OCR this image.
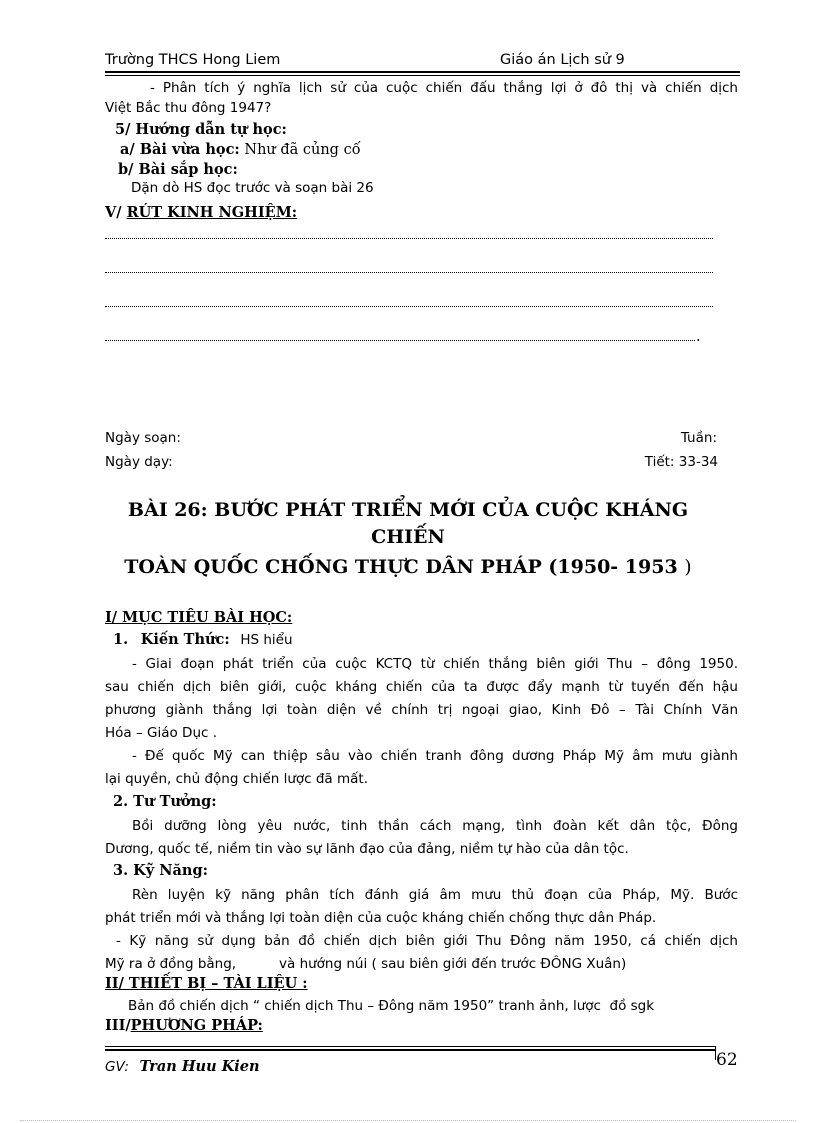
Trường THCS Hong Liem	Giáo án Lịch sử 9
- Phân tích ý nghĩa lịch sử của cuộc chiến đấu thắng lợi ở đô thị và chiến dịch
Việt Bắc thu đông 1947?
5/ Hướng dẫn tự học:
a/ Bài vừa học: Như đã củng cố
b/ Bài sắp học:
Dặn dò HS đọc trước và soạn bài 26
V/ RÚT KINH NGHIỆM:
.
Ngày soạn:	Tuần:
Ngày dạy:	Tiết: 33-34
BÀI 26: BƯỚC PHÁT TRIỂN MỚI CỦA CUỘC KHÁNG
CHIẾN
TOÀN QUỐC CHỐNG THỰC DÂN PHÁP (1950- 1953 )
I/ MỤC TIÊU BÀI HỌC:
1. Kiến Thức: HS hiểu
- Giai đoạn phát triển của cuộc KCTQ từ chiến thắng biên giới Thu – đông 1950.
sau chiến dịch biên giới, cuộc kháng chiến của ta được đẩy mạnh từ tuyến đến hậu
phương giành thắng lợi toàn diện về chính trị ngoại giao, Kinh Đô – Tài Chính Văn
Hóa – Giáo Dục .
- Đế quốc Mỹ can thiệp sâu vào chiến tranh đông dương Pháp Mỹ âm mưu giành
lại quyền, chủ động chiến lược đã mất.
2. Tư Tưởng:
Bồi dưỡng lòng yêu nước, tinh thần cách mạng, tình đoàn kết dân tộc, Đông
Dương, quốc tế, niềm tin vào sự lãnh đạo của đảng, niềm tự hào của dân tộc.
3. Kỹ Năng:
Rèn luyện kỹ năng phân tích đánh giá âm mưu thủ đoạn của Pháp, Mỹ. Bước
phát triển mới và thắng lợi toàn diện của cuộc kháng chiến chống thực dân Pháp.
- Kỹ năng sử dụng bản đồ chiến dịch biên giới Thu Đông năm 1950, cá chiến dịch
Mỹ ra ở đồng bằng,          và hướng núi ( sau biên giới đến trước ĐÔNG Xuân)
II/ THIẾT BỊ – TÀI LIỆU :
Bản đồ chiến dịch “ chiến dịch Thu – Đông năm 1950” tranh ảnh, lược  đồ sgk
III/PHƯƠNG PHÁP:
GV: Tran Huu Kien	62
